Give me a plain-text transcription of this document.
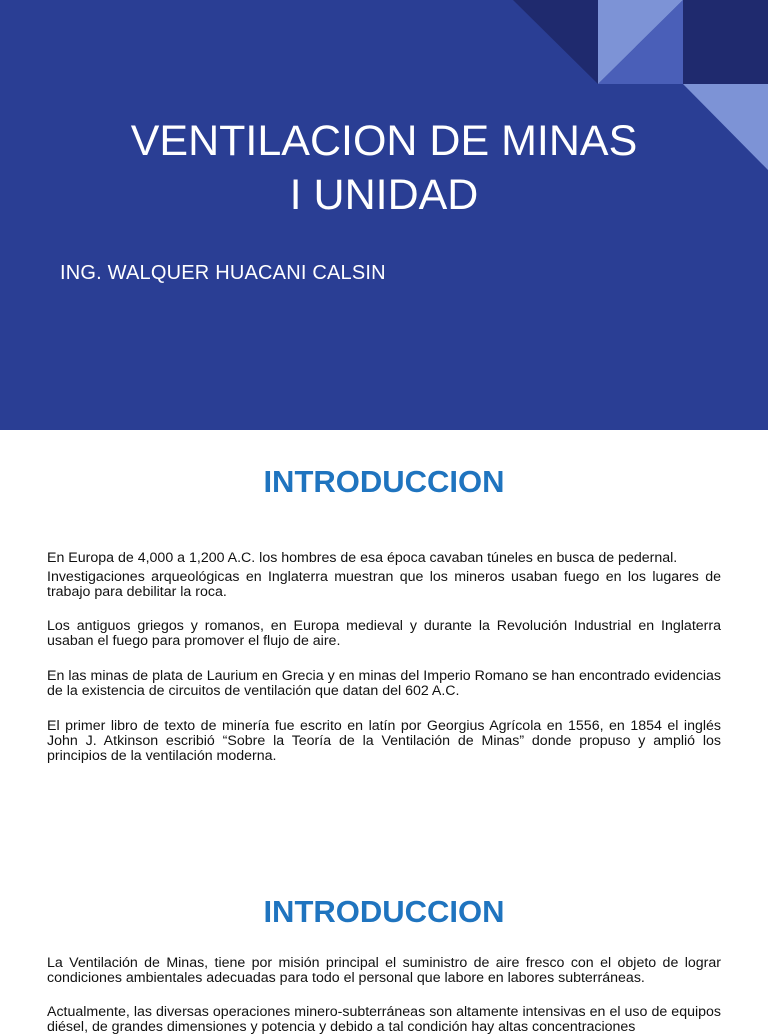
VENTILACION DE MINAS
I UNIDAD
ING. WALQUER HUACANI CALSIN
INTRODUCCION

En Europa de 4,000 a 1,200 A.C. los hombres de esa época cavaban túneles en busca de pedernal.
Investigaciones arqueológicas en Inglaterra muestran que los mineros usaban fuego en los lugares de trabajo para debilitar la roca.

Los antiguos griegos y romanos, en Europa medieval y durante la Revolución Industrial en Inglaterra usaban el fuego para promover el flujo de aire.

En las minas de plata de Laurium en Grecia y en minas del Imperio Romano se han encontrado evidencias de la existencia de circuitos de ventilación que datan del 602 A.C.

El primer libro de texto de minería fue escrito en latín por Georgius Agrícola en 1556, en 1854 el inglés John J. Atkinson escribió “Sobre la Teoría de la Ventilación de Minas” donde propuso y amplió los principios de la ventilación moderna.

INTRODUCCION

La Ventilación de Minas, tiene por misión principal el suministro de aire fresco con el objeto de lograr condiciones ambientales adecuadas para todo el personal que labore en labores subterráneas.

Actualmente, las diversas operaciones minero-subterráneas son altamente intensivas en el uso de equipos diésel, de grandes dimensiones y potencia y debido a tal condición hay altas concentraciones
